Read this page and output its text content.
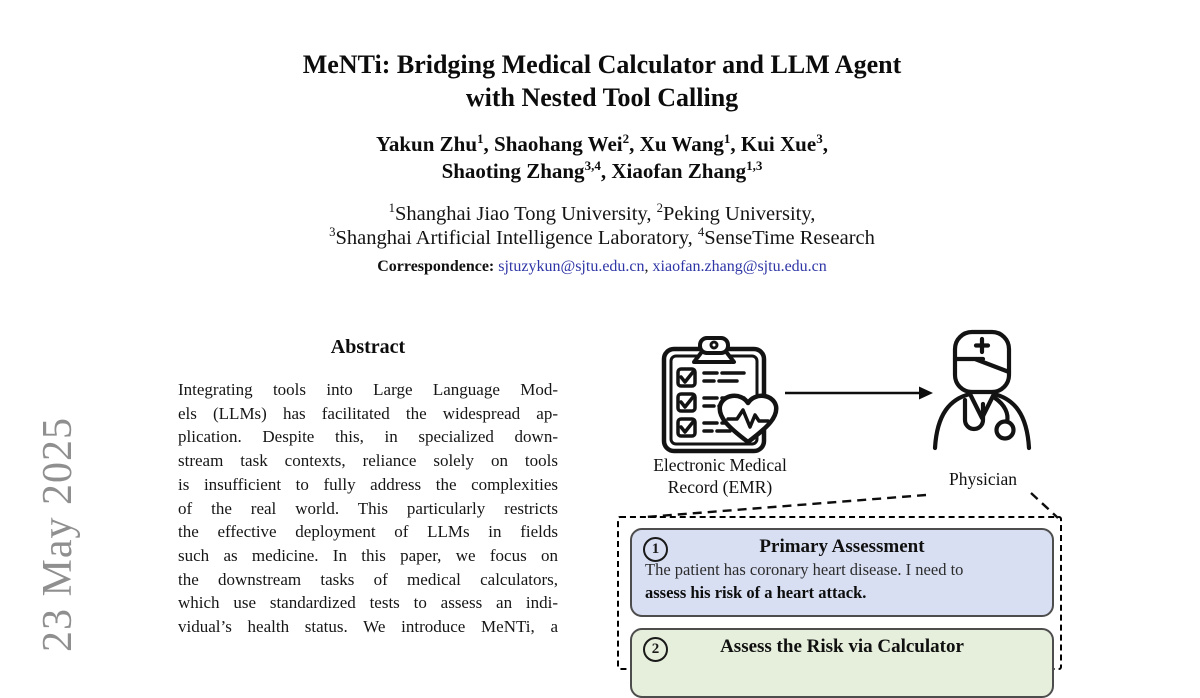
23 May 2025
MeNTi: Bridging Medical Calculator and LLM Agent
with Nested Tool Calling
Yakun Zhu$^1$, Shaohang Wei$^2$, Xu Wang$^1$, Kui Xue$^3$,
Shaoting Zhang$^{3,4}$, Xiaofan Zhang$^{1,3}$
$^1$Shanghai Jiao Tong University, $^2$Peking University,
$^3$Shanghai Artificial Intelligence Laboratory, $^4$SenseTime Research
Correspondence: sjtuzykun@sjtu.edu.cn, xiaofan.zhang@sjtu.edu.cn
Abstract
Integrating tools into Large Language Mod-
els (LLMs) has facilitated the widespread ap-
plication. Despite this, in specialized down-
stream task contexts, reliance solely on tools
is insufficient to fully address the complexities
of the real world. This particularly restricts
the effective deployment of LLMs in fields
such as medicine. In this paper, we focus on
the downstream tasks of medical calculators,
which use standardized tests to assess an indi-
vidual’s health status. We introduce MeNTi, a
Electronic Medical
Record (EMR)	Physician
1	Primary Assessment
The patient has coronary heart disease. I need to
assess his risk of a heart attack.
2	Assess the Risk via Calculator
